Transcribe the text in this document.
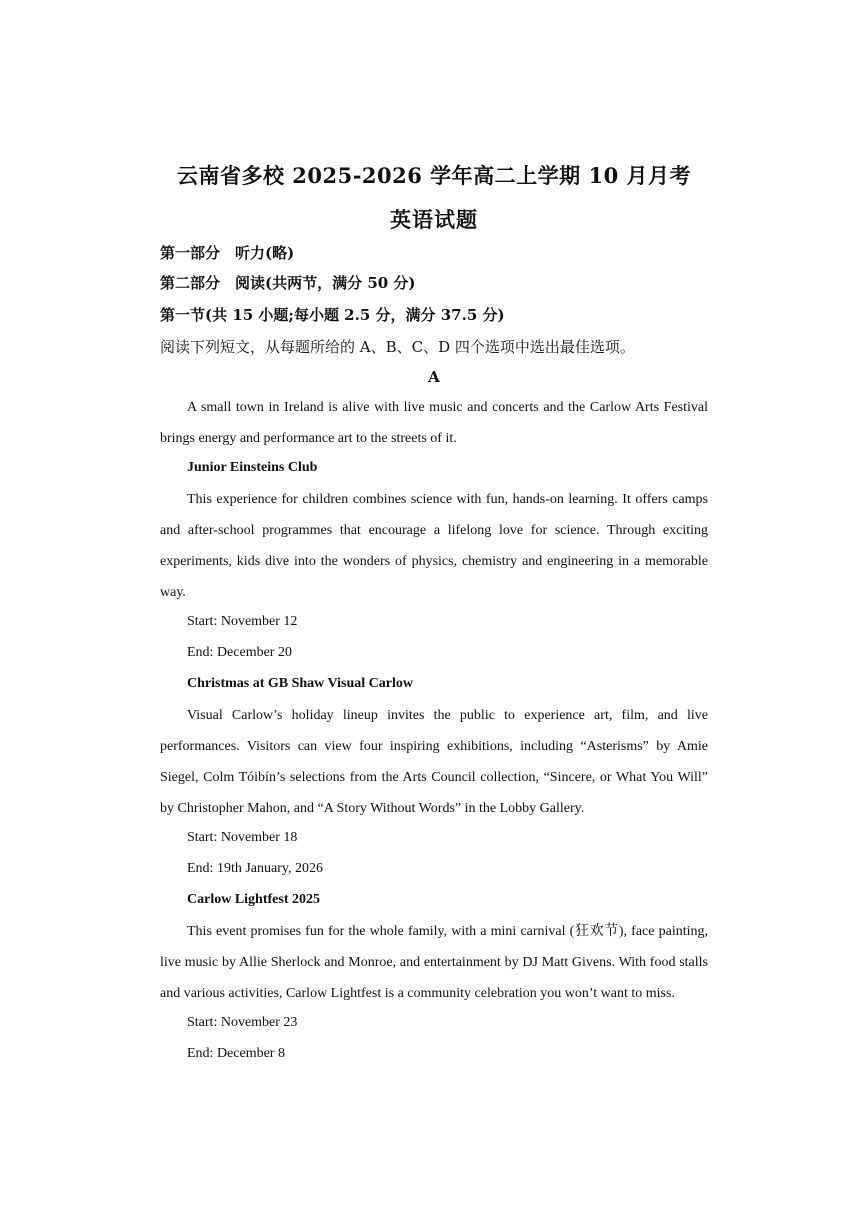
云南省多校 2025-2026 学年高二上学期 10 月月考
英语试题
第一部分　听力(略)
第二部分　阅读(共两节，满分 50 分)
第一节(共 15 小题;每小题 2.5 分，满分 37.5 分)
阅读下列短文，从每题所给的 A、B、C、D 四个选项中选出最佳选项。
A

A small town in Ireland is alive with live music and concerts and the Carlow Arts Festival brings energy and performance art to the streets of it.

Junior Einsteins Club

This experience for children combines science with fun, hands-on learning. It offers camps and after-school programmes that encourage a lifelong love for science. Through exciting experiments, kids dive into the wonders of physics, chemistry and engineering in a memorable way.

Start: November 12
End: December 20
Christmas at GB Shaw Visual Carlow

Visual Carlow’s holiday lineup invites the public to experience art, film, and live performances. Visitors can view four inspiring exhibitions, including “Asterisms” by Amie Siegel, Colm Tóibín’s selections from the Arts Council collection, “Sincere, or What You Will” by Christopher Mahon, and “A Story Without Words” in the Lobby Gallery.

Start: November 18
End: 19th January, 2026
Carlow Lightfest 2025

This event promises fun for the whole family, with a mini carnival (狂欢节), face painting, live music by Allie Sherlock and Monroe, and entertainment by DJ Matt Givens. With food stalls and various activities, Carlow Lightfest is a community celebration you won’t want to miss.

Start: November 23
End: December 8
